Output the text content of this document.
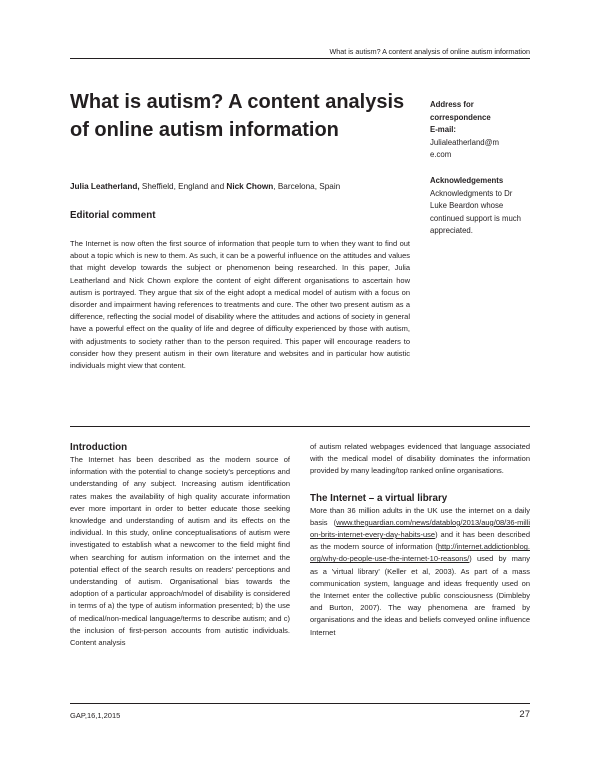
What is autism? A content analysis of online autism information
What is autism? A content analysis of online autism information
Julia Leatherland, Sheffield, England and Nick Chown, Barcelona, Spain
Address for correspondence
E-mail:
Julialeatherland@me.com
Acknowledgements
Acknowledgments to Dr Luke Beardon whose continued support is much appreciated.
Editorial comment

The Internet is now often the first source of information that people turn to when they want to find out about a topic which is new to them. As such, it can be a powerful influence on the attitudes and values that might develop towards the subject or phenomenon being researched. In this paper, Julia Leatherland and Nick Chown explore the content of eight different organisations to ascertain how autism is portrayed. They argue that six of the eight adopt a medical model of autism with a focus on disorder and impairment having references to treatments and cure. The other two present autism as a difference, reflecting the social model of disability where the attitudes and actions of society in general have a powerful effect on the quality of life and degree of difficulty experienced by those with autism, with adjustments to society rather than to the person required. This paper will encourage readers to consider how they present autism in their own literature and websites and in particular how autistic individuals might view that content.

Introduction

The Internet has been described as the modern source of information with the potential to change society's perceptions and understanding of any subject. Increasing autism identification rates makes the availability of high quality accurate information ever more important in order to better educate those seeking knowledge and understanding of autism and its effects on the individual. In this study, online conceptualisations of autism were investigated to establish what a newcomer to the field might find when searching for autism information on the internet and the potential effect of the search results on readers' perceptions and understanding of autism. Organisational bias towards the adoption of a particular approach/model of disability is considered in terms of a) the type of autism information presented; b) the use of medical/non-medical language/terms to describe autism; and c) the inclusion of first-person accounts from autistic individuals. Content analysis

of autism related webpages evidenced that language associated with the medical model of disability dominates the information provided by many leading/top ranked online organisations.

The Internet – a virtual library

More than 36 million adults in the UK use the internet on a daily basis (www.theguardian.com/news/datablog/2013/aug/08/36-million-brits-internet-every-day-habits-use) and it has been described as the modern source of information (http://internet.addictionblog.org/why-do-people-use-the-internet-10-reasons/) used by many as a 'virtual library' (Keller et al, 2003). As part of a mass communication system, language and ideas frequently used on the Internet enter the collective public consciousness (Dimbleby and Burton, 2007). The way phenomena are framed by organisations and the ideas and beliefs conveyed online influence Internet

GAP,16,1,2015	27
